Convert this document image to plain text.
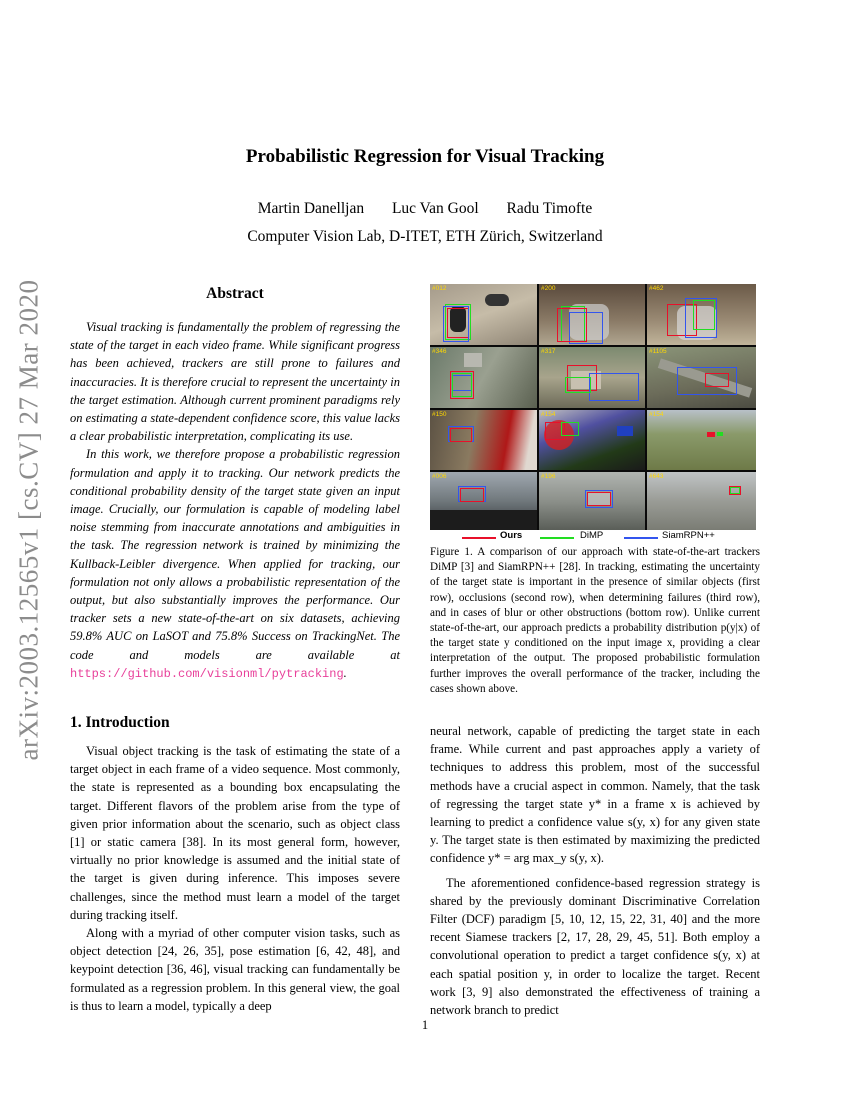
arXiv:2003.12565v1 [cs.CV] 27 Mar 2020
Probabilistic Regression for Visual Tracking
Martin Danelljan Luc Van Gool Radu Timofte
Computer Vision Lab, D-ITET, ETH Zürich, Switzerland
Abstract

Visual tracking is fundamentally the problem of regressing the state of the target in each video frame. While significant progress has been achieved, trackers are still prone to failures and inaccuracies. It is therefore crucial to represent the uncertainty in the target estimation. Although current prominent paradigms rely on estimating a state-dependent confidence score, this value lacks a clear probabilistic interpretation, complicating its use.

In this work, we therefore propose a probabilistic regression formulation and apply it to tracking. Our network predicts the conditional probability density of the target state given an input image. Crucially, our formulation is capable of modeling label noise stemming from inaccurate annotations and ambiguities in the task. The regression network is trained by minimizing the Kullback-Leibler divergence. When applied for tracking, our formulation not only allows a probabilistic representation of the output, but also substantially improves the performance. Our tracker sets a new state-of-the-art on six datasets, achieving 59.8% AUC on LaSOT and 75.8% Success on TrackingNet. The code and models are available at https://github.com/visionml/pytracking.

1. Introduction

Visual object tracking is the task of estimating the state of a target object in each frame of a video sequence. Most commonly, the state is represented as a bounding box encapsulating the target. Different flavors of the problem arise from the type of given prior information about the scenario, such as object class [1] or static camera [38]. In its most general form, however, virtually no prior knowledge is assumed and the initial state of the target is given during inference. This imposes severe challenges, since the method must learn a model of the target during tracking itself.

Along with a myriad of other computer vision tasks, such as object detection [24, 26, 35], pose estimation [6, 42, 48], and keypoint detection [36, 46], visual tracking can fundamentally be formulated as a regression problem. In this general view, the goal is thus to learn a model, typically a deep

#012	#200	#462
#346	#317	#1105
#150	#154	#154
#006	#196	#643
Ours	DiMP	SiamRPN++
Figure 1. A comparison of our approach with state-of-the-art trackers DiMP [3] and SiamRPN++ [28]. In tracking, estimating the uncertainty of the target state is important in the presence of similar objects (first row), occlusions (second row), when determining failures (third row), and in cases of blur or other obstructions (bottom row). Unlike current state-of-the-art, our approach predicts a probability distribution p(y|x) of the target state y conditioned on the input image x, providing a clear interpretation of the output. The proposed probabilistic formulation further improves the overall performance of the tracker, including the cases shown above.

neural network, capable of predicting the target state in each frame. While current and past approaches apply a variety of techniques to address this problem, most of the successful methods have a crucial aspect in common. Namely, that the task of regressing the target state y* in a frame x is achieved by learning to predict a confidence value s(y, x) for any given state y. The target state is then estimated by maximizing the predicted confidence y* = arg max_y s(y, x).

The aforementioned confidence-based regression strategy is shared by the previously dominant Discriminative Correlation Filter (DCF) paradigm [5, 10, 12, 15, 22, 31, 40] and the more recent Siamese trackers [2, 17, 28, 29, 45, 51]. Both employ a convolutional operation to predict a target confidence s(y, x) at each spatial position y, in order to localize the target. Recent work [3, 9] also demonstrated the effectiveness of training a network branch to predict

1
